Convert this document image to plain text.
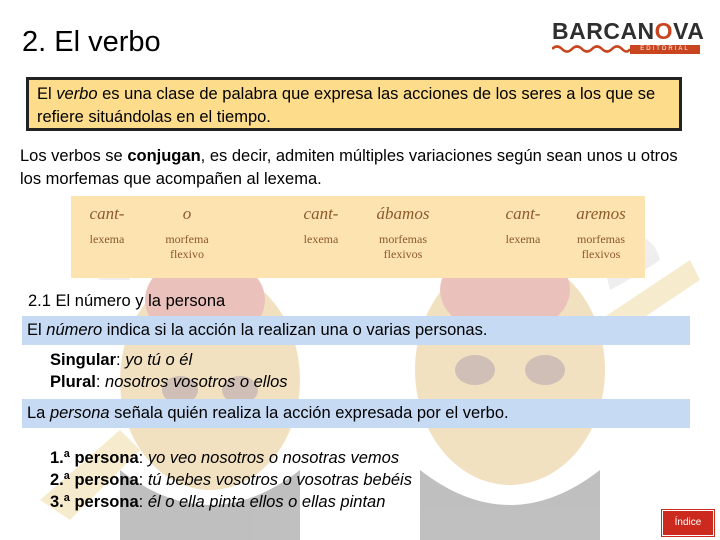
2. El verbo	BARCANOVA
EDITORIAL
El verbo es una clase de palabra que expresa las acciones de los seres a los que se refiere situándolas en el tiempo.
Los verbos se conjugan, es decir, admiten múltiples variaciones según sean unos u otros los morfemas que acompañen al lexema.
cant-
lexema
o
morfema
flexivo
cant-
lexema
ábamos
morfemas
flexivos
cant-
lexema
aremos
morfemas
flexivos
2.1 El número y la persona
El número indica si la acción la realizan una o varias personas.
Singular: yo tú o él
Plural: nosotros vosotros o ellos
La persona señala quién realiza la acción expresada por el verbo.
1.ª persona: yo veo nosotros o nosotras vemos
2.ª persona: tú bebes vosotros o vosotras bebéis
3.ª persona: él o ella pinta ellos o ellas pintan
Índice
